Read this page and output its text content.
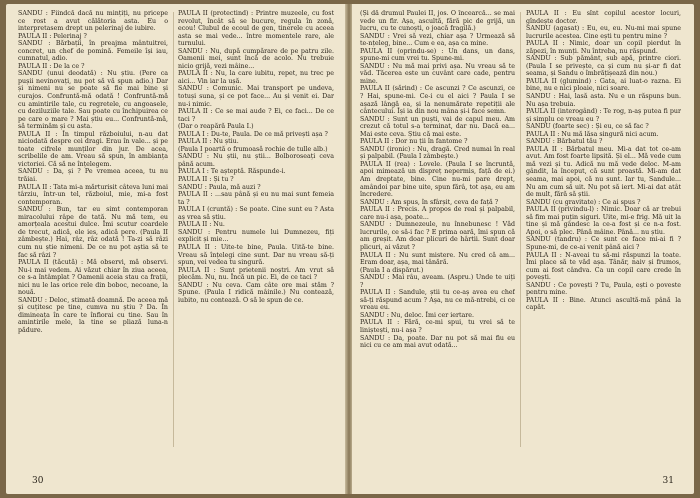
SANDU : Fiindcă dacă nu mințiți, nu pricepe ce rost a avut călătoria asta. Eu o interpretasem drept un pelerinaj de iubire.

PAULA II : Pelerinaj ?

SANDU : Bărbații, în preajma mântuitrei, concret, un chef de pomină. Femeile își iau, cumnatul, adio.

PAULA II : De la ce ?

SANDU (unui deodată) : Nu știu. (Pere ca pușii nevinovați, nu pot să vă spun adio.) Dar și nimeni nu se poate să fie mai bine și curajos. Confruntă-mă odată ! Confruntă-mă cu amintirile tale, cu regretele, cu angoasele, cu deziluziile tale. Sau poate cu închipuirea ce pe care o mare ? Mai știu eu... Confruntă-mă, să terminăm și cu asta.

PAULA II : În timpul războiului, n-au dat niciodată despre cei dragi. Erau în vale... și pe toate cifrele munților din jur. De acea, scribelile de am. Vreau să spun, în ambianța victoriei. Că să ne înțelegem.

SANDU : Da, și ? Pe vremea aceea, tu nu trăiai.

PAULA II : Tata mi-a mărturisit câteva luni mai târziu, într-un tel, războiul, mie, mi-a fost contemporan.

SANDU : Bun, tar eu simt contemporan miracolului râpe de tată. Nu mă tem, eu amorțeala acestui dulce. Îmi scutur coardele de trecut, adică, ele ies, adică pere. (Paula II zâmbește.) Hai, râz, râz odată ! Ta-zi să râzi cum nu știe nimeni. De ce nu pot aștia să te fac să râzi ?

PAULA II (tăcută) : Mă observi, mă observi. Nu-i mai vedem. Ai văzut chiar în ziua aceea, ce s-a întâmplat ? Oamenii aceia stau ca frații, nici nu le las orice rele din boboc, necoane, la nouă.

SANDU : Deloc, stimată doamnă. De aceea mă și cuțitesc pe tine, cumva nu știu ? Da. În dimineața în care te înfiorai cu tine. Sau în amintirile mele, la tine se pliază luna-n pădure.

PAULA II (protectind) : Printre muzeele, cu fost revolut, încât să se bucure, regula în zonă, ecou! Clubul de ecoul de gen, tinerele cu aceea asta se mai vede... între momentele rare, ale turnului.

SANDU : Nu, după cumpărare de pe patru zile. Oamenii mei, sunt încă de acolo. Nu trebuie nicio grijă, vezi mâine...

PAULA II : Nu, la care iubitu, repet, nu trec pe aici... Vin iar la ușă.

SANDU : Comunic. Mai transport pe undeva, totuși suna, și ce pot face... Au și venit ei. Dar nu-i nimic.

PAULA II : Ce se mai aude ? Ei, ce faci... De ce taci ?

(Dar o reapără Paula I.)

PAULA I : Du-te, Paula. De ce mă privești așa ?

PAULA II : Nu știu.

(Paula I poartă o frumoasă rochie de tulle alb.)

SANDU : Nu știi, nu știi... Bolboroseați ceva până acum.

PAULA I : Te așteptă. Răspunde-i.

PAULA II : Și tu ?

SANDU : Paula, mă auzi ?

PAULA II : ...sau până și eu nu mai sunt femeia ta ?

PAULA I (cruntă) : Se poate. Cine sunt eu ? Asta aș vrea să știu.

PAULA II : Nu.

SANDU : Pentru numele lui Dumnezeu, fiți explicit și mie...

PAULA II : Uite-te bine, Paula. Uită-te bine. Vreau să înțelegi cine sunt. Dar nu vreau să-ți spun, vei vedea tu singură.

PAULA II : Sunt prietenii noștri. Am vrut să plecăm. Nu, nu. Încă un pic. Ei, de ce taci ?

SANDU : Nu ceva. Cam câte ore mai stăm ? Spune. (Paula I ridică mâinile.) Nu contează, iubito, nu contează. O să le spun de ce.

30

(Și dă drumul Paulei II, jos. O încearcă... se mai vede un fir. Așa, ascultă, fără pic de grijă, un lucru, cu te cunoști, o joacă fragilă.)

SANDU : Vrei să vezi, chiar așa ? Urmează să te-nțeleg, bine... Cum e ea, așa ca mine.

PAULA II (oprindu-se) : Un dans, un dans, spune-mi cum vrei tu. Spune-mi.

SANDU : Nu mă mai privi așa. Nu vreau să te văd. Tăcerea este un cuvânt care cade, pentru mine.

PAULA II (sărind) : Ce ascunzi ? Ce ascunzi, ce ? Hai, spune-mi. Ce-i cu el aici ? Paula I se așază lângă ea, și la nenumărate repetiții ale cântecului. Își ia din nou mâna și-i face semn.

SANDU : Sunt un puști, vai de capul meu. Am crezut că totul s-a terminat, dar nu. Dacă ea... Mai este ceva. Știu că mai este.

PAULA II : Dor nu ții în fantome ?

SANDU (ironic) : Nu, dragă. Cred numai în real și palpabil. (Paula I zâmbește.)

PAULA II (rea) : Lovele. (Paula I se încruntă, apoi mimează un dispreț nepermis, față de ei.) Am dreptate, bine. Cine nu-mi pare drept, amândoi par bine uite, spun fărâ, tot așa, eu am încredere.

SANDU : Am spus, în sfârșit, ceva de față ?

PAULA II : Precis. A propos de real și palpabil, care nu-i așa, poate...

SANDU : Dumnezeule, nu înnebunesc ! Văd lucrurile, ce să-i fac ? E prima oară, îmi spun că am greșit. Am doar plicuri de hârtii. Sunt doar plicuri, ai văzut ?

PAULA II : Nu sunt mistere. Nu cred că am... Eram doar, așa, mai tânără.

(Paula I a dispărut.)

SANDU : Mai râu, aveam. (Aspru.) Unde te uiți ?

PAULA II : Sandule, știi tu ce-aș avea eu chef să-ți răspund acum ? Așa, nu ce mă-ntrebi, ci ce vreau eu.

SANDU : Nu, deloc. Îmi cer iertare.

PAULA II : Fără, ce-mi spui, tu vrei să te liniștești, nu-i așa ?

SANDU : Da, poate. Dar nu pot să mai fiu eu nici cu ce am mai avut odată...

PAULA II : Eu sînt copilul acestor locuri, gîndește doctor.

SANDU (agasat) : Eu, eu, eu. Nu-mi mai spune lucrurile acestea. Cine ești tu pentru mine ?

PAULA II : Nimic, doar un copil pierdut în zăpezi, în munți. Nu întreba, nu răspund.

SANDU : Sub pământ, sub apă, printre ciori. (Paula I se privește, ca și cum nu și-ar fi dat seama, și Sandu o îmbrățișează din nou.)

PAULA II (glumind) : Gata, ai luat-o razna. Ei bine, nu e nici ploaie, nici soare.

SANDU : Hai, lasă asta. Nu e un răspuns bun. Nu așa trebuia.

PAULA II (interogând) : Te rog, n-aș putea fi pur și simplu ce vreau eu ?

SANDU (foarte sec) : Și eu, ce să fac ?

PAULA II : Nu mă lăsa singură nici acum.

SANDU : Bărbatul tău ?

PAULA II : Bărbatul meu. Mi-a dat tot ce-am avut. Am fost foarte lipsită. Și el... Mă vede cum mă vezi și tu. Adică nu mă vede deloc. M-am gândit, la început, că sunt proastă. Mi-am dat seama, mai apoi, că nu sunt. Iar tu, Sandule... Nu am cum să uit. Nu pot să iert. Mi-ai dat atât de mult, fără să știi.

SANDU (cu gravitate) : Ce ai spus ?

PAULA II (privindu-l) : Nimic. Doar că ar trebui să fim mai puțin siguri. Uite, mi-e frig. Mă uit la tine și mă gândesc la ce-a fost și ce n-a fost. Apoi, o să plec. Până mâine. Până... nu știu.

SANDU (tandru) : Ce sunt ce face mi-ai fi ? Spune-mi, de ce-ai venit până aici ?

PAULA II : N-aveai tu să-mi răspunzi la toate. Îmi place să te văd așa. Tânăr, naiv și frumos, cum ai fost cândva. Ca un copil care crede în povești.

SANDU : Ce povești ? Tu, Paula, ești o poveste pentru mine.

PAULA II : Bine. Atunci ascultă-mă până la capăt.

31
